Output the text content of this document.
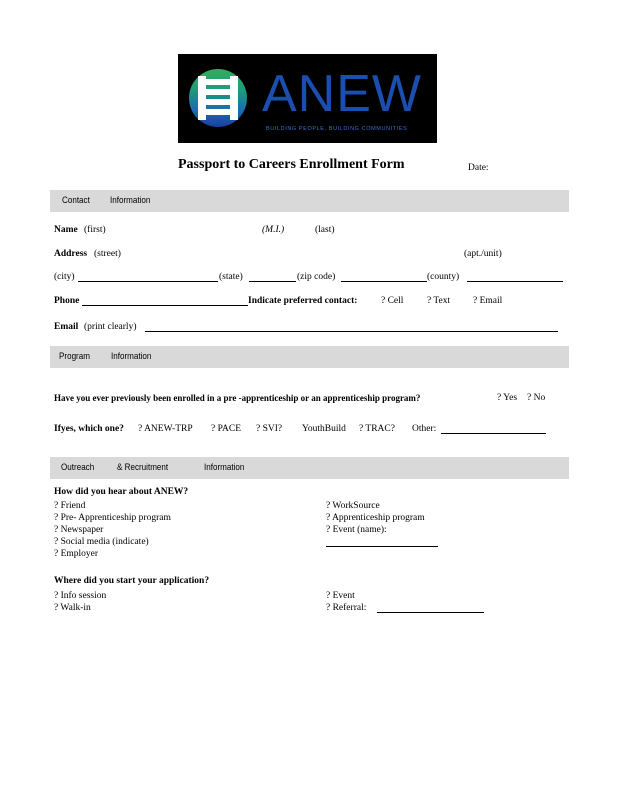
ANEW
BUILDING PEOPLE, BUILDING COMMUNITIES
Passport to Careers Enrollment Form	Date:
Contact Information
Name (first)	(M.I.)	(last)
Address (street)	(apt./unit)
(city)	(state)	(zip code)	(county)
Phone	Indicate preferred contact: ? Cell ? Text ? Email
Email (print clearly)
Program Information
Have you ever previously been enrolled in a pre -apprenticeship or an apprenticeship program?	? Yes ? No
Ifyes, which one? ? ANEW-TRP ? PACE ? SVI? YouthBuild ? TRAC? Other:
Outreach & Recruitment	Information
How did you hear about ANEW?
? Friend
? Pre- Apprenticeship program
? Newspaper
? Social media (indicate)
? Employer
? WorkSource
? Apprenticeship program
? Event (name):
Where did you start your application?
? Info session
? Walk-in
? Event
? Referral:
